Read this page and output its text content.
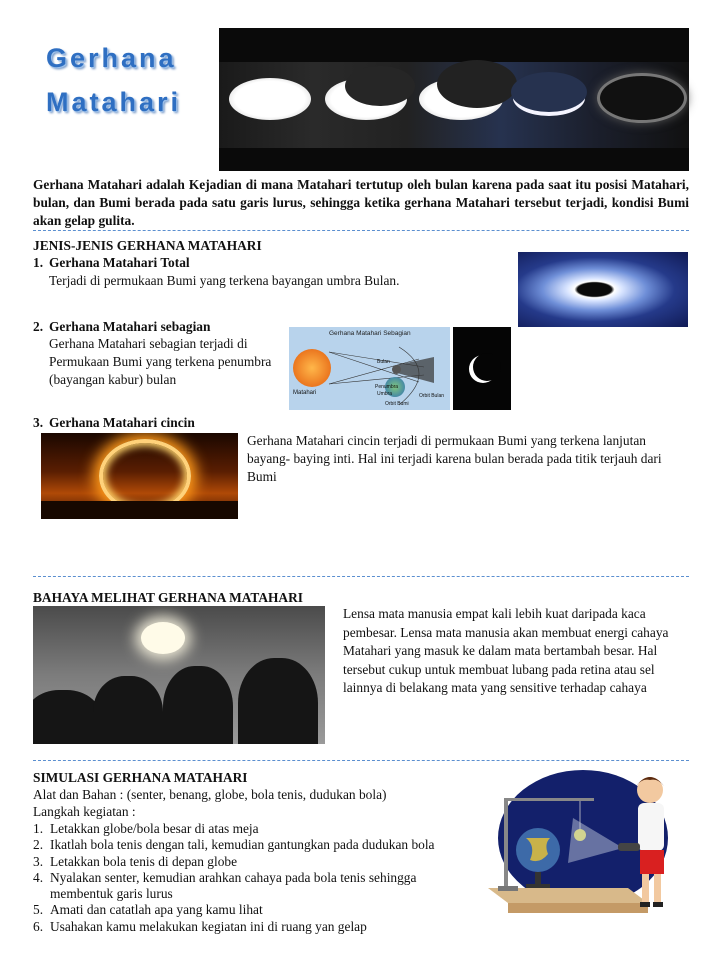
Gerhana
Matahari
Gerhana Matahari adalah Kejadian di mana Matahari tertutup oleh bulan karena pada saat itu posisi Matahari, bulan, dan Bumi berada pada satu garis lurus, sehingga ketika gerhana Matahari tersebut terjadi, kondisi Bumi akan gelap gulita.
JENIS-JENIS GERHANA MATAHARI
1. Gerhana Matahari Total
Terjadi di permukaan Bumi yang terkena bayangan umbra Bulan.
2. Gerhana Matahari sebagian
Gerhana Matahari sebagian terjadi di
Permukaan Bumi yang terkena penumbra
(bayangan kabur) bulan
Gerhana Matahari Sebagian
Matahari
Bulan
Penumbra
Umbra
Orbit Bumi
Orbit Bulan
3. Gerhana Matahari cincin
Gerhana Matahari cincin terjadi di permukaan Bumi yang terkena lanjutan
bayang- baying inti. Hal ini terjadi karena bulan berada pada titik terjauh dari
Bumi
BAHAYA MELIHAT GERHANA MATAHARI
Lensa mata manusia empat kali lebih kuat daripada kaca
pembesar. Lensa mata manusia akan membuat energi cahaya
Matahari yang masuk ke dalam mata bertambah besar. Hal
tersebut cukup untuk membuat lubang pada retina atau sel
lainnya di belakang mata yang sensitive terhadap cahaya
SIMULASI GERHANA MATAHARI
Alat dan Bahan : (senter, benang, globe, bola tenis, dudukan bola)
Langkah kegiatan :
1. Letakkan globe/bola besar di atas meja
2. Ikatlah bola tenis dengan tali, kemudian gantungkan pada dudukan bola
3. Letakkan bola tenis di depan globe
4. Nyalakan senter, kemudian arahkan cahaya pada bola tenis sehingga
membentuk garis lurus
5. Amati dan catatlah apa yang kamu lihat
6. Usahakan kamu melakukan kegiatan ini di ruang yan gelap
